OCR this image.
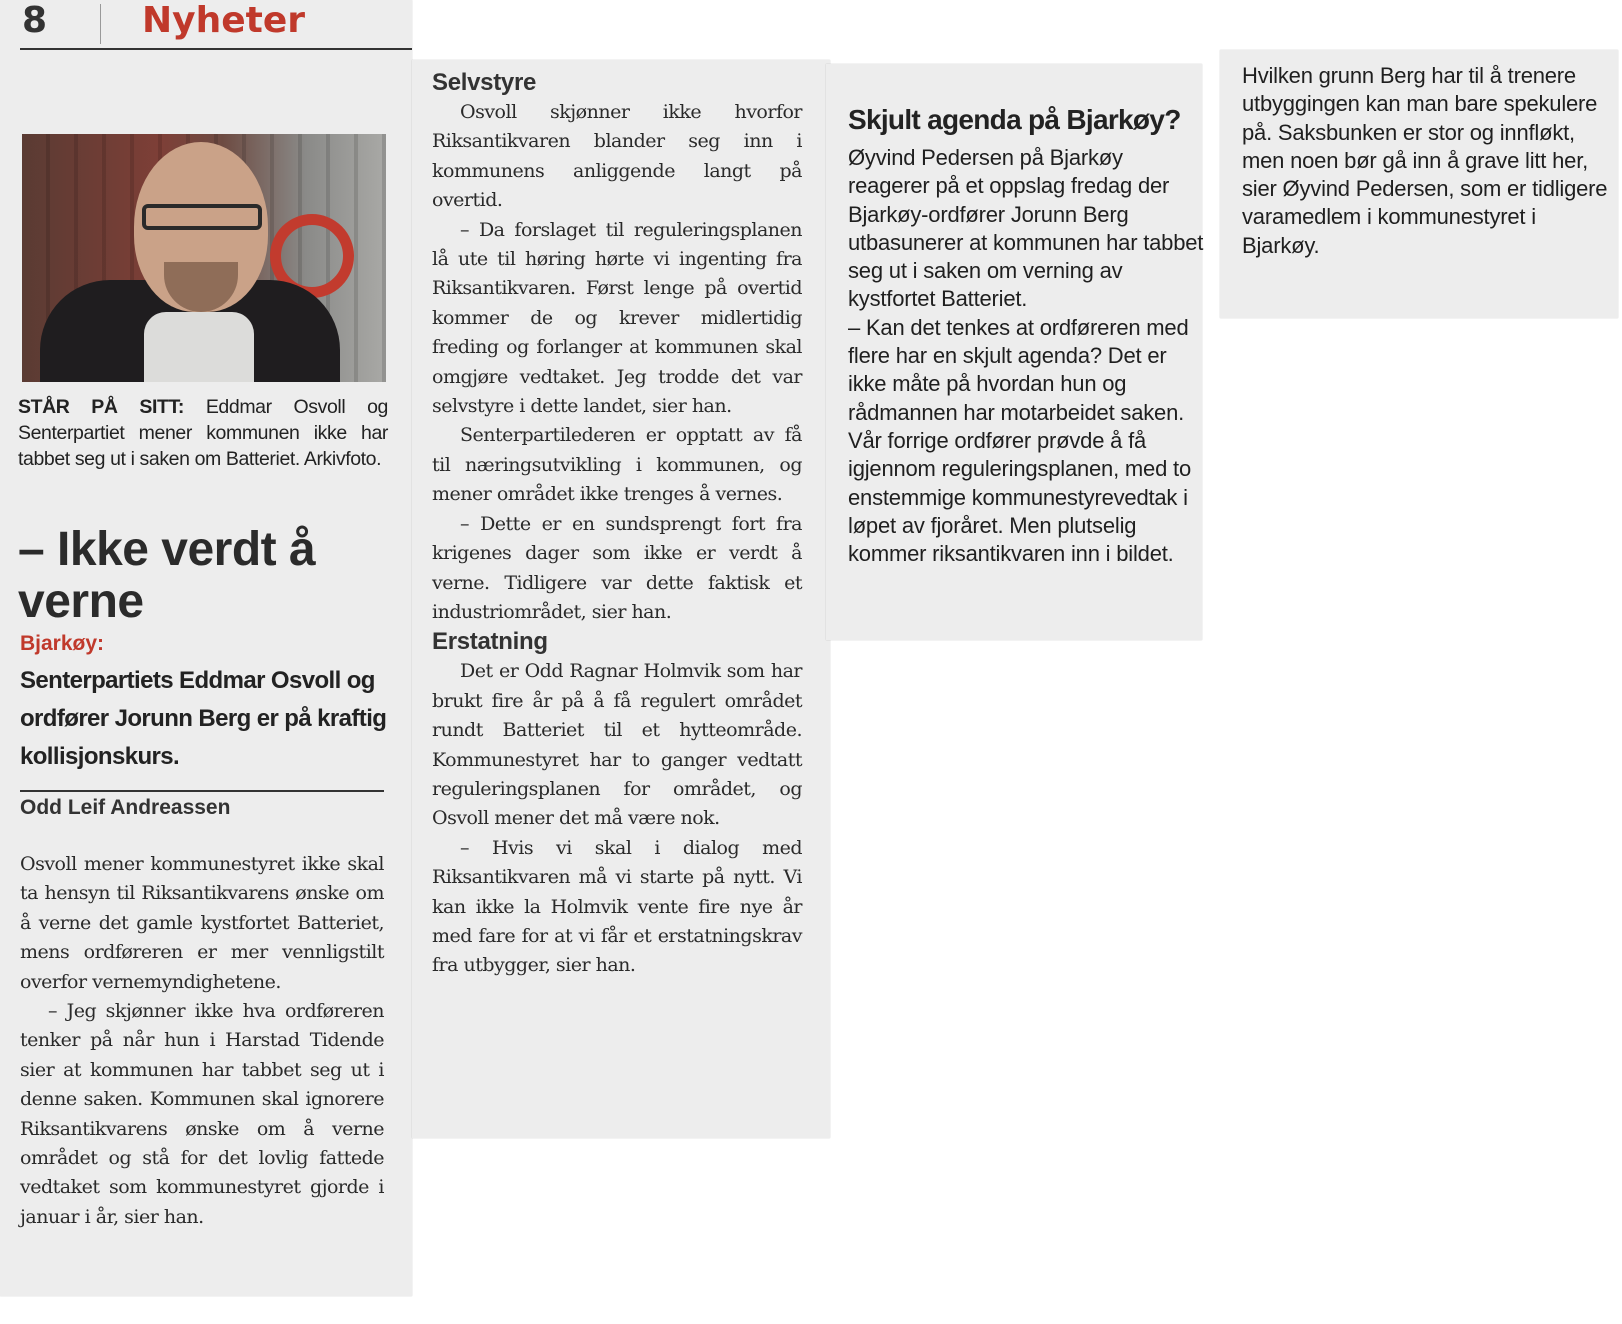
8	Nyheter
STÅR PÅ SITT: Eddmar Osvoll og Senterpartiet mener kommunen ikke har tabbet seg ut i saken om Batteriet. Arkivfoto.
– Ikke verdt å verne
Bjarkøy:
Senterpartiets Eddmar Osvoll og ordfører Jorunn Berg er på kraftig kollisjonskurs.
Odd Leif Andreassen

Osvoll mener kommunestyret ikke skal ta hensyn til Riksantikvarens ønske om å verne det gamle kystfortet Batteriet, mens ordføreren er mer vennligstilt overfor vernemyndighetene.

– Jeg skjønner ikke hva ordføreren tenker på når hun i Harstad Tidende sier at kommunen har tabbet seg ut i denne saken. Kommunen skal ignorere Riksantikvarens ønske om å verne området og stå for det lovlig fattede vedtaket som kommunestyret gjorde i januar i år, sier han.

Selvstyre

Osvoll skjønner ikke hvorfor Riksantikvaren blander seg inn i kommunens anliggende langt på overtid.

– Da forslaget til reguleringsplanen lå ute til høring hørte vi ingenting fra Riksantikvaren. Først lenge på overtid kommer de og krever midlertidig freding og forlanger at kommunen skal omgjøre vedtaket. Jeg trodde det var selvstyre i dette landet, sier han.

Senterpartilederen er opptatt av få til næringsutvikling i kommunen, og mener området ikke trenges å vernes.

– Dette er en sundsprengt fort fra krigenes dager som ikke er verdt å verne. Tidligere var dette faktisk et industriområdet, sier han.

Erstatning

Det er Odd Ragnar Holmvik som har brukt fire år på å få regulert området rundt Batteriet til et hytteområde. Kommunestyret har to ganger vedtatt reguleringsplanen for området, og Osvoll mener det må være nok.

– Hvis vi skal i dialog med Riksantikvaren må vi starte på nytt. Vi kan ikke la Holmvik vente fire nye år med fare for at vi får et erstatningskrav fra utbygger, sier han.

Skjult agenda på Bjarkøy?

Øyvind Pedersen på Bjarkøy reagerer på et oppslag fredag der Bjarkøy-ordfører Jorunn Berg utbasunerer at kommunen har tabbet seg ut i saken om verning av kystfortet Batteriet.

– Kan det tenkes at ordføreren med flere har en skjult agenda? Det er ikke måte på hvordan hun og rådmannen har motarbeidet saken. Vår forrige ordfører prøvde å få igjennom reguleringsplanen, med to enstemmige kommunestyrevedtak i løpet av fjoråret. Men plutselig kommer riksantikvaren inn i bildet.

Hvilken grunn Berg har til å trenere utbyggingen kan man bare spekulere på. Saksbunken er stor og innfløkt, men noen bør gå inn å grave litt her, sier Øyvind Pedersen, som er tidligere varamedlem i kommunestyret i Bjarkøy.
